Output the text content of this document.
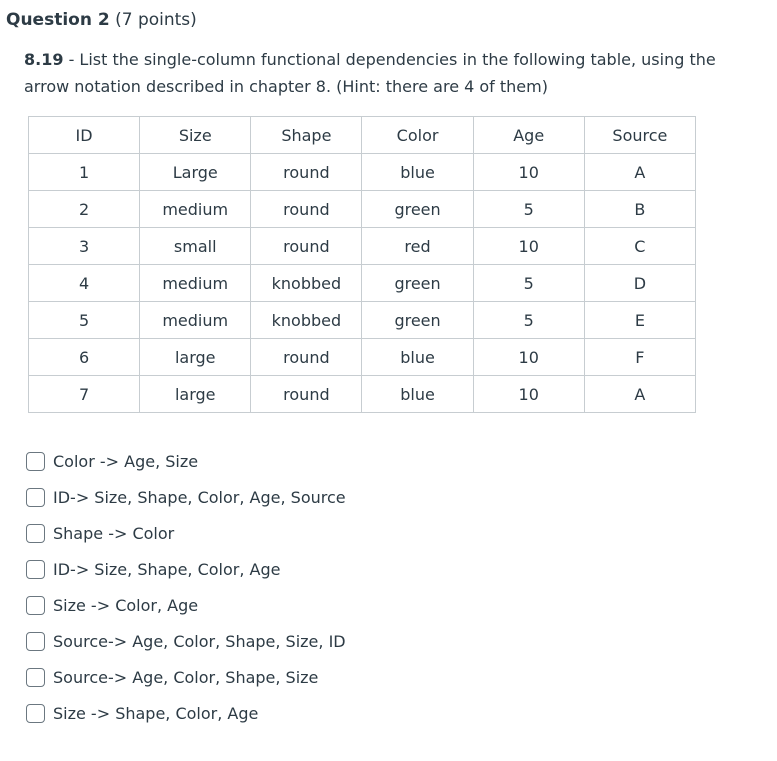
Question 2 (7 points)
8.19 - List the single-column functional dependencies in the following table, using the arrow notation described in chapter 8. (Hint: there are 4 of them)
ID	Size	Shape	Color	Age	Source
1	Large	round	blue	10	A
2	medium	round	green	5	B
3	small	round	red	10	C
4	medium	knobbed	green	5	D
5	medium	knobbed	green	5	E
6	large	round	blue	10	F
7	large	round	blue	10	A
Color -> Age, Size
ID-> Size, Shape, Color, Age, Source
Shape -> Color
ID-> Size, Shape, Color, Age
Size -> Color, Age
Source-> Age, Color, Shape, Size, ID
Source-> Age, Color, Shape, Size
Size -> Shape, Color, Age
